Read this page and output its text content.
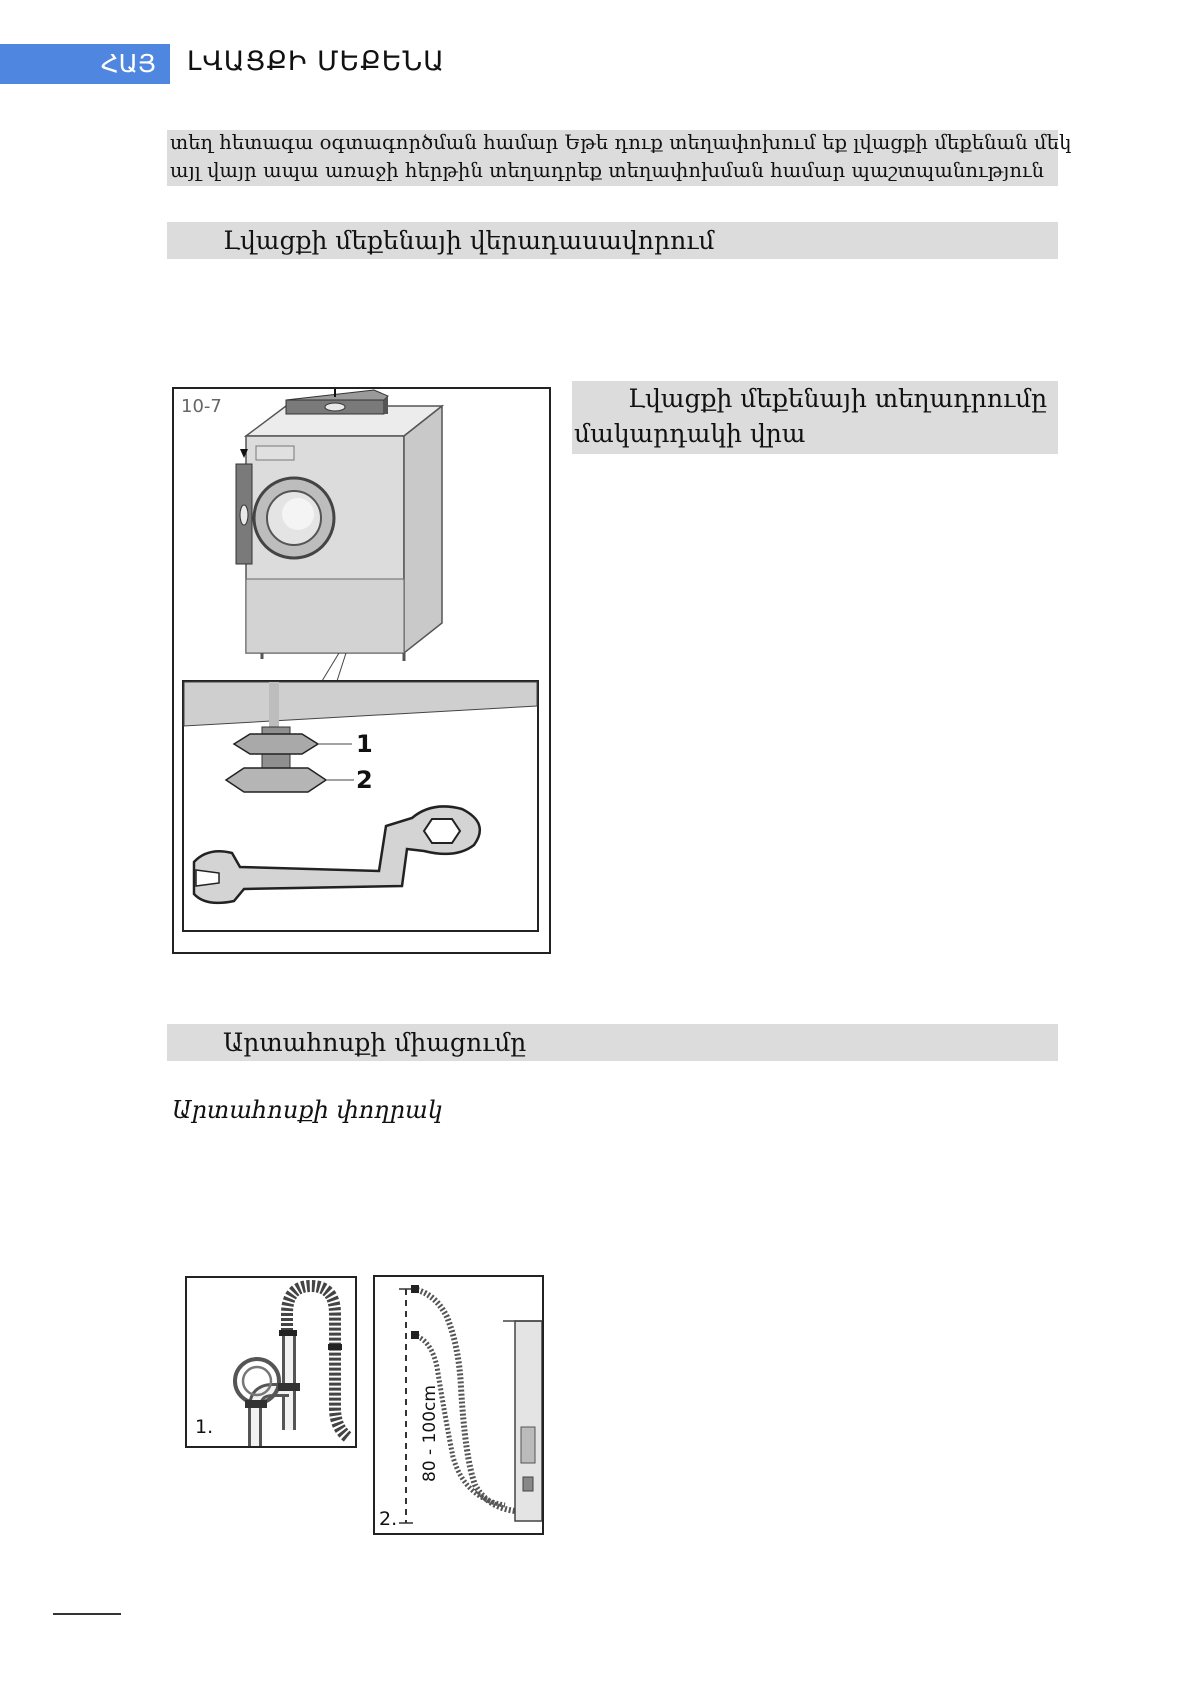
ՀԱՅ ԼՎԱՑՔԻ ՄԵՔԵՆԱ
տեղ հետագա օգտագործման համար Եթե դուք տեղափոխում եք լվացքի մեքենան մեկ
այլ վայր ապա առաջի հերթին տեղադրեք տեղափոխման համար պաշտպանություն
Լվացքի մեքենայի վերադասավորում
10-7
1
2
Լվացքի մեքենայի տեղադրումը
մակարդակի վրա
Արտահոսքի միացումը
Արտահոսքի փողրակ
1.	80 - 100cm
2.
